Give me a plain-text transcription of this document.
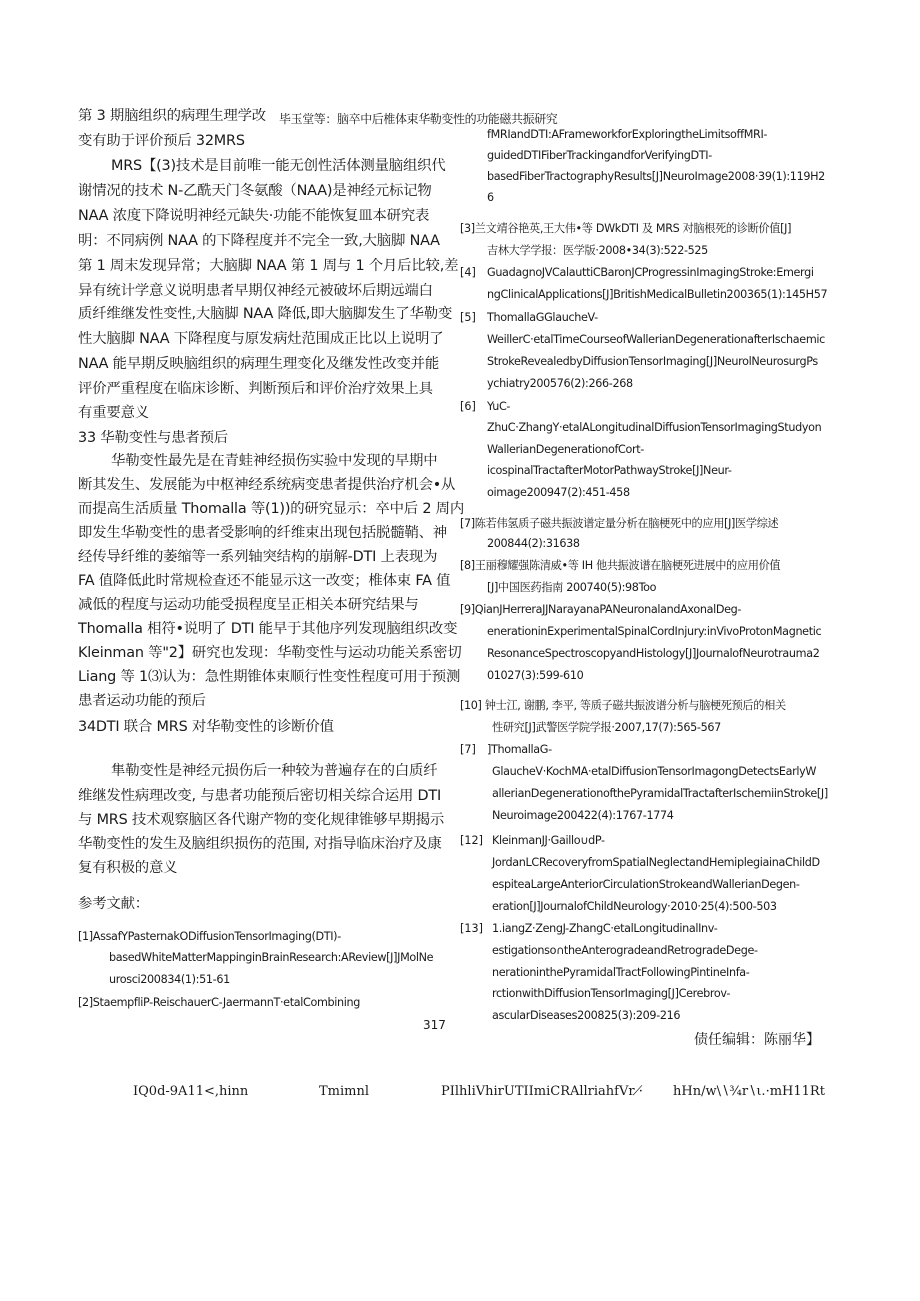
毕玉堂等：脑卒中后椎体束华勒变性的功能磁共振研究
第 3 期脑组织的病理生理学改
变有助于评价预后 32MRS
MRS【(3)技术是目前唯一能无创性活体测量脑组织代
谢情况的技术 N-乙酰天门冬氨酸（NAA)是神经元标记物
NAA 浓度下降说明神经元缺失·功能不能恢复皿本研究表
明：不同病例 NAA 的下降程度并不完全一致,大脑脚 NAA
第 1 周末发现异常；大脑脚 NAA 第 1 周与 1 个月后比较,差
异有统计学意义说明患者早期仅神经元被破坏后期远端白
质纤维继发性变性,大脑脚 NAA 降低,即大脑脚发生了华勒变
性大脑脚 NAA 下降程度与原发病灶范围成正比以上说明了
NAA 能早期反映脑组织的病理生理变化及继发性改变并能
评价严重程度在临床诊断、判断预后和评价治疗效果上具
有重要意义
33 华勒变性与患者预后
华勒变性最先是在青蛙神经损伤实验中发现的早期中
断其发生、发展能为中枢神经系统病变患者提供治疗机会•从
而提高生活质量 Thomalla 等(1))的研究显示：卒中后 2 周内
即发生华勒变性的患者受影响的纤维束出现包括脱髓鞘、神
经传导纤维的萎缩等一系列轴突结构的崩解-DTI 上表现为
FA 值降低此时常规检查还不能显示这一改变；椎体束 FA 值
减低的程度与运动功能受损程度呈正相关本研究结果与
Thomalla 相符•说明了 DTI 能早于其他序列发现脑组织改变
Kleinman 等"2】研究也发现：华勒变性与运动功能关系密切
Liang 等 1⑶认为：急性期锥体束顺行性变性程度可用于预测
患者运动功能的预后
34DTI 联合 MRS 对华勒变性的诊断价值
隼勒变性是神经元损伤后一种较为普遍存在的白质纤
维继发性病理改变, 与患者功能预后密切相关综合运用 DTI
与 MRS 技术观察脑区各代谢产物的变化规律锥够早期揭示
华勒变性的发生及脑组织损伤的范围, 对指导临床治疗及康
复有积极的意义
参考文献：
[1]AssafYPasternakODiffusionTensorImaging(DTI)-
basedWhiteMatterMappinginBrainResearch:AReview[J]JMolNe
urosci200834(1):51-61
[2]StaempfliP-ReischauerC-JaermannT·etalCombining
317
fMRIandDTI:AFrameworkforExploringtheLimitsoffMRI-
guidedDTIFiberTrackingandforVerifyingDTI-
basedFiberTractographyResults[J]NeuroImage2008·39(1):119H2
6
[3]兰文靖谷艳英,王大伟•等 DWkDTI 及 MRS 对脑根死的诊断价值[J]
吉林大学学报：医学版·2008•34(3):522-525
[4] GuadagnoJVCalauttiCBaronJCProgressinImagingStroke:Emergi
ngClinicalApplications[J]BritishMedicalBulletin200365(1):145H57
[5] ThomallaGGlaucheV-
WeillerC·etalTimeCourseofWallerianDegenerationafterIschaemic
StrokeRevealedbyDiffusionTensorImaging[J]NeurolNeurosurgPs
ychiatry200576(2):266-268
[6] YuC-
ZhuC·ZhangY·etalALongitudinalDiffusionTensorImagingStudyon
WallerianDegenerationofCort-
icospinalTractafterMotorPathwayStroke[J]Neur-
oimage200947(2):451-458
[7]陈若伟氢质子磁共振波谱定量分析在脑梗死中的应用[J]医学综述
200844(2):31638
[8]王丽穆耀强陈清威•等 IH 他共振波谱在脑梗死进展中的应用价值
[J]中国医药指南 200740(5):98Too
[9]QianJHerreraJJNarayanaPANeuronalandAxonalDeg-
enerationinExperimentalSpinalCordInjury:inVivoProtonMagnetic
ResonanceSpectroscopyandHistology[J]JournalofNeurotrauma2
01027(3):599-610
[10] 钟士江, 谢鹏, 李平, 等质子磁共振波谱分析与脑梗死预后的相关
性研究[J]武警医学院学报·2007,17(7):565-567
[7] ]ThomallaG-
GlaucheV·KochMA·etalDiffusionTensorImagongDetectsEarlyW
allerianDegenerationofthePyramidalTractafterIschemiinStroke[J]
Neuroimage200422(4):1767-1774
[12] KleinmanJJ·Gaillo∪dP-
JordanLCRecoveryfromSpatialNeglectandHemiplegiainaChildD
espiteaLargeAnteriorCirculationStrokeandWallerianDegen-
eration[J]JournalofChildNeurology·2010·25(4):500-503
[13] 1.iangZ·ZengJ-ZhangC·etalLongitudinalInv-
estigationso∩theAnterogradeandRetrogradeDege-
nerationinthePyramidalTractFollowingPintineInfa-
rctionwithDiffusionTensorImaging[J]Cerebrov-
ascularDiseases200825(3):209-216
债任编辑：陈丽华】
IQ0d-9A11<,hinn	Tmimnl	PIlhliVhirUTIImiCRAllriahfVr ·̸ hHn∕w\∖¾r∖ι.·mH11Rt
